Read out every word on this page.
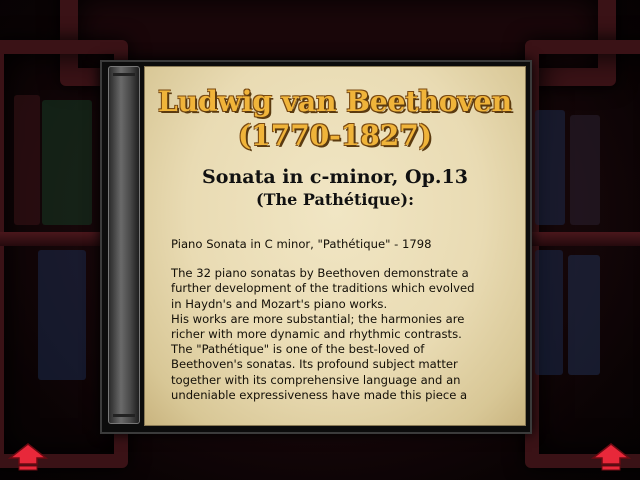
Ludwig van Beethoven
(1770-1827)
Sonata in c-minor, Op.13
(The Pathétique):

Piano Sonata in C minor, "Pathétique" - 1798

The 32 piano sonatas by Beethoven demonstrate a
further development of the traditions which evolved
in Haydn's and Mozart's piano works.
His works are more substantial; the harmonies are
richer with more dynamic and rhythmic contrasts.
The "Pathétique" is one of the best-loved of
Beethoven's sonatas. Its profound subject matter
together with its comprehensive language and an
undeniable expressiveness have made this piece a
